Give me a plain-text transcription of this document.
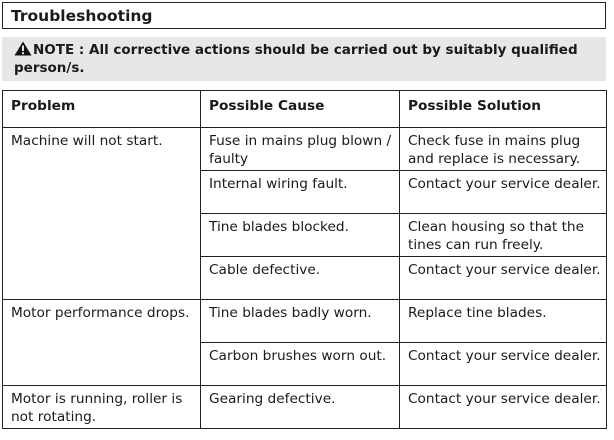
Troubleshooting
NOTE : All corrective actions should be carried out by suitably qualified person/s.
Problem	Possible Cause	Possible Solution
Machine will not start.	Fuse in mains plug blown / faulty	Check fuse in mains plug and replace is necessary.
	Internal wiring fault.	Contact your service dealer.
	Tine blades blocked.	Clean housing so that the tines can run freely.
	Cable defective.	Contact your service dealer.
Motor performance drops.	Tine blades badly worn.	Replace tine blades.
	Carbon brushes worn out.	Contact your service dealer.
Motor is running, roller is not rotating.	Gearing defective.	Contact your service dealer.
